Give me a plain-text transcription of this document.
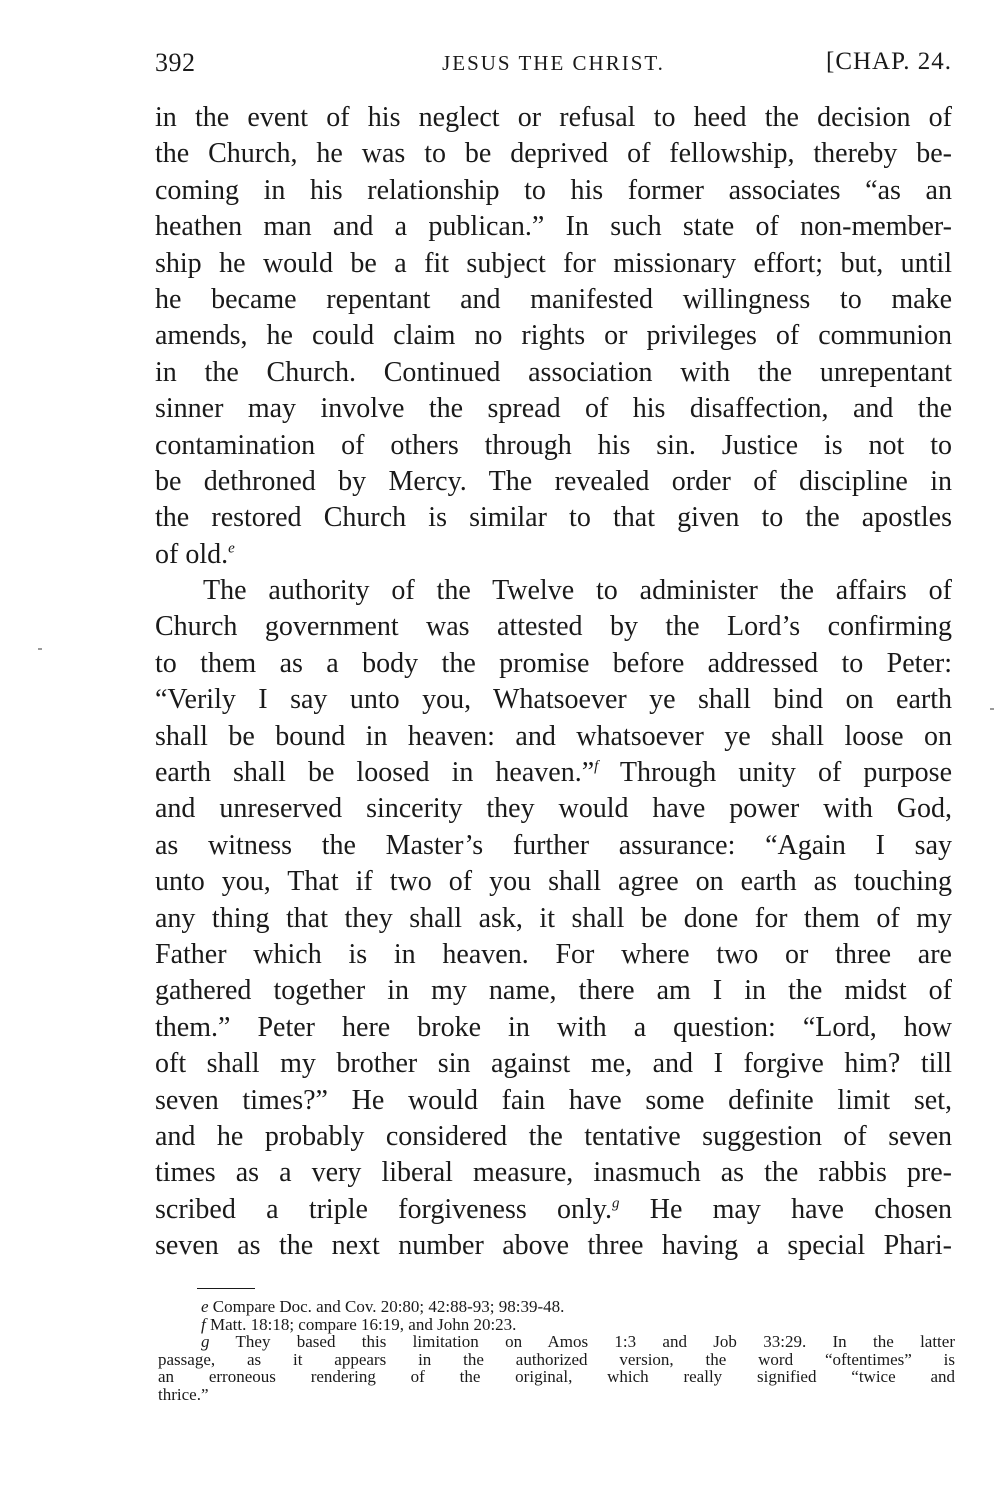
392	JESUS THE CHRIST.	[CHAP. 24.
in the event of his neglect or refusal to heed the decision of
the Church, he was to be deprived of fellowship, thereby be-
coming in his relationship to his former associates “as an
heathen man and a publican.” In such state of non-member-
ship he would be a fit subject for missionary effort; but, until
he became repentant and manifested willingness to make
amends, he could claim no rights or privileges of communion
in the Church. Continued association with the unrepentant
sinner may involve the spread of his disaffection, and the
contamination of others through his sin. Justice is not to
be dethroned by Mercy. The revealed order of discipline in
the restored Church is similar to that given to the apostles
of old.$^e$
The authority of the Twelve to administer the affairs of
Church government was attested by the Lord’s confirming
to them as a body the promise before addressed to Peter:
“Verily I say unto you, Whatsoever ye shall bind on earth
shall be bound in heaven: and whatsoever ye shall loose on
earth shall be loosed in heaven.”$^f$ Through unity of purpose
and unreserved sincerity they would have power with God,
as witness the Master’s further assurance: “Again I say
unto you, That if two of you shall agree on earth as touching
any thing that they shall ask, it shall be done for them of my
Father which is in heaven. For where two or three are
gathered together in my name, there am I in the midst of
them.” Peter here broke in with a question: “Lord, how
oft shall my brother sin against me, and I forgive him? till
seven times?” He would fain have some definite limit set,
and he probably considered the tentative suggestion of seven
times as a very liberal measure, inasmuch as the rabbis pre-
scribed a triple forgiveness only.$^g$ He may have chosen
seven as the next number above three having a special Phari-
e Compare Doc. and Cov. 20:80; 42:88-93; 98:39-48.
f Matt. 18:18; compare 16:19, and John 20:23.
g They based this limitation on Amos 1:3 and Job 33:29. In the latter
passage, as it appears in the authorized version, the word “oftentimes” is
an erroneous rendering of the original, which really signified “twice and
thrice.”
